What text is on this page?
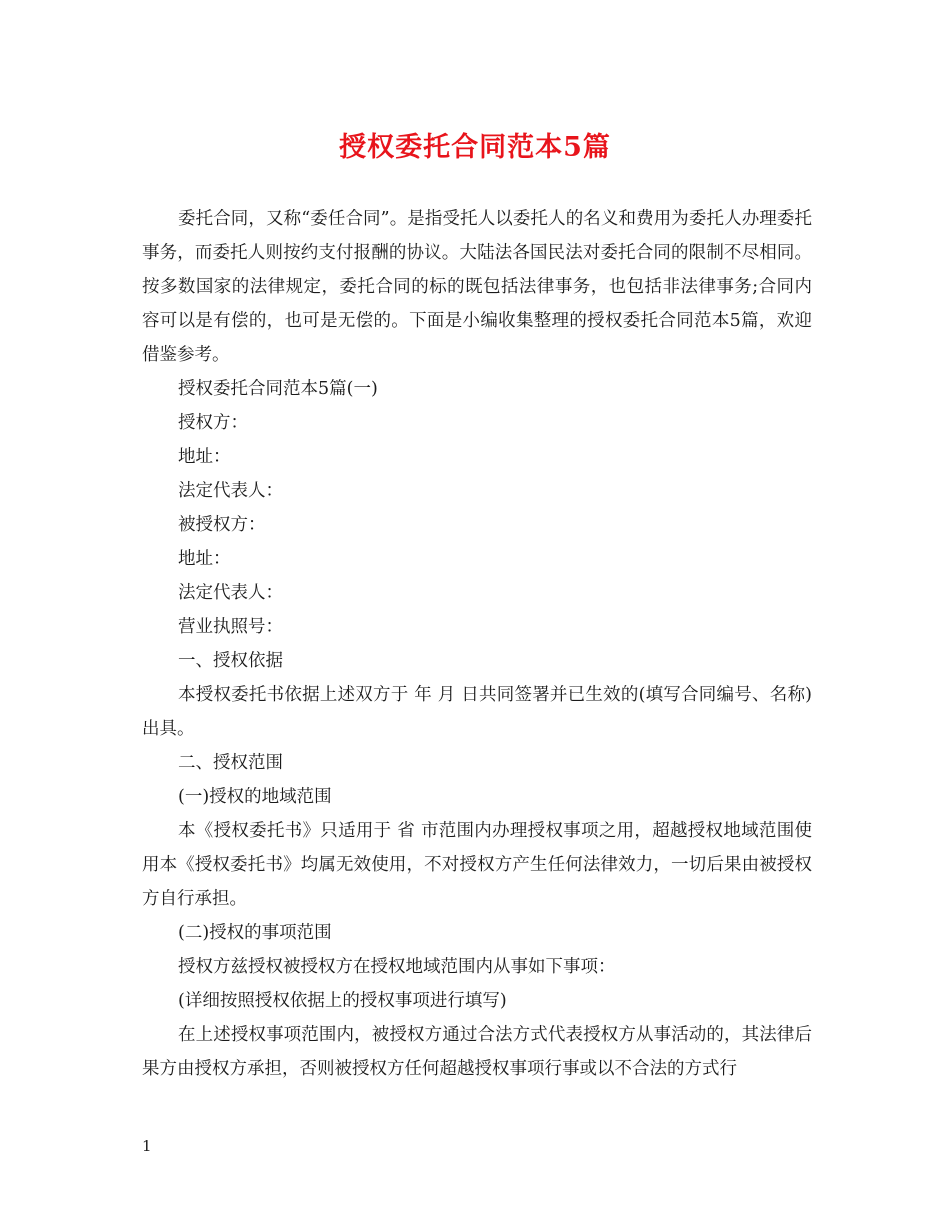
授权委托合同范本5篇

委托合同，又称“委任合同”。是指受托人以委托人的名义和费用为委托人办理委托事务，而委托人则按约支付报酬的协议。大陆法各国民法对委托合同的限制不尽相同。按多数国家的法律规定，委托合同的标的既包括法律事务，也包括非法律事务;合同内容可以是有偿的，也可是无偿的。下面是小编收集整理的授权委托合同范本5篇，欢迎借鉴参考。

授权委托合同范本5篇(一)

授权方：

地址：

法定代表人：

被授权方：

地址：

法定代表人：

营业执照号：

一、授权依据

本授权委托书依据上述双方于 年 月 日共同签署并已生效的(填写合同编号、名称)出具。

二、授权范围

(一)授权的地域范围

本《授权委托书》只适用于 省 市范围内办理授权事项之用，超越授权地域范围使用本《授权委托书》均属无效使用，不对授权方产生任何法律效力，一切后果由被授权方自行承担。

(二)授权的事项范围

授权方兹授权被授权方在授权地域范围内从事如下事项：

(详细按照授权依据上的授权事项进行填写)

在上述授权事项范围内，被授权方通过合法方式代表授权方从事活动的，其法律后果方由授权方承担，否则被授权方任何超越授权事项行事或以不合法的方式行

1
